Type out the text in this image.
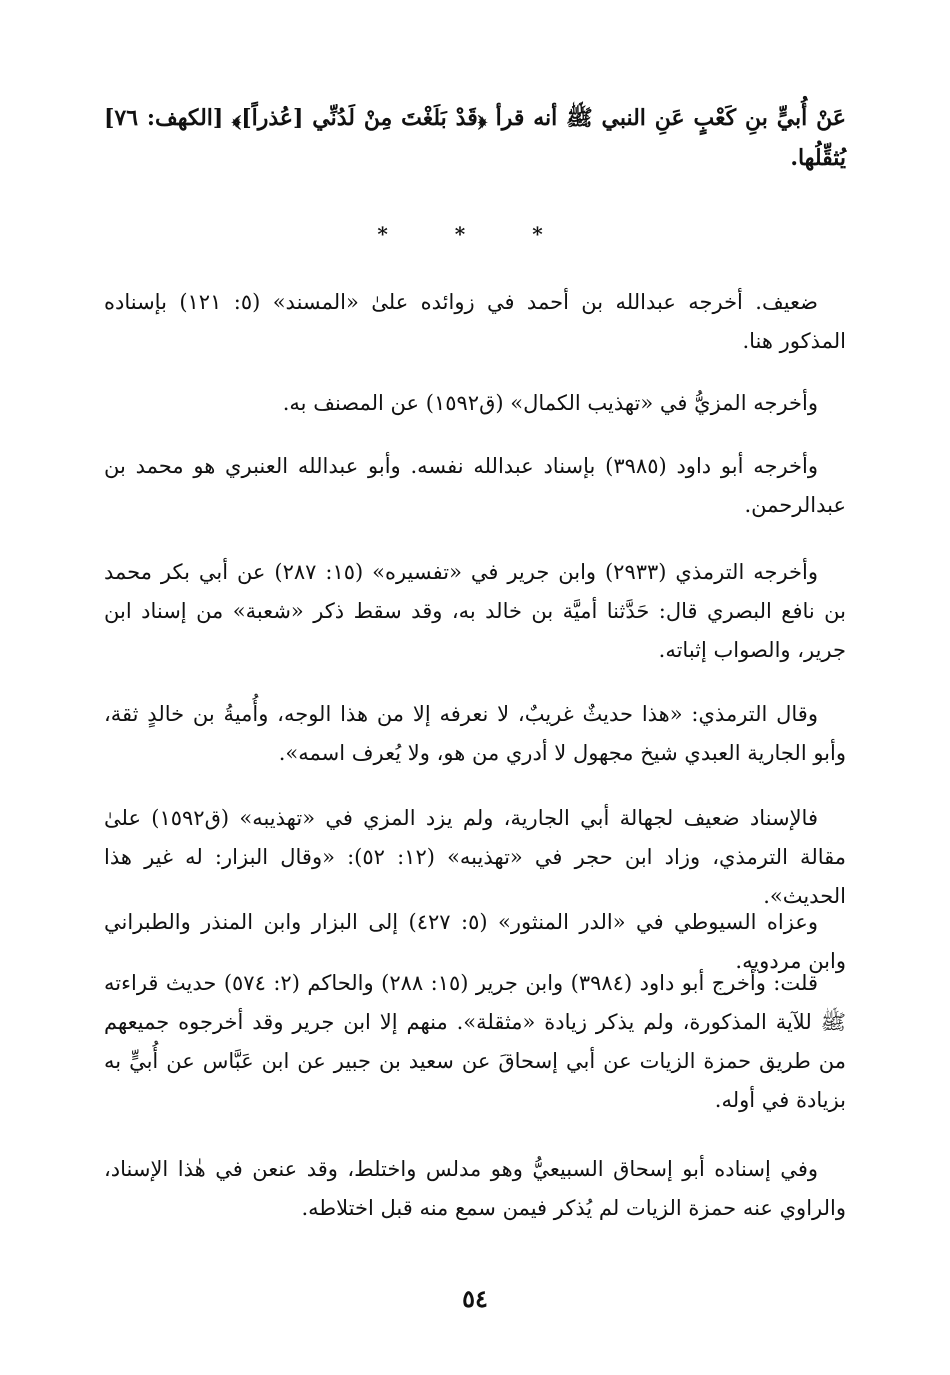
عَنْ أُبيٍّ بنِ كَعْبٍ عَنِ النبي ﷺ أنه قرأ ﴿قَدْ بَلَغْتَ مِنْ لَدُنِّي [عُذراً]﴾ [الكهف: ٧٦] يُثقِّلُها.

* * *

ضعيف. أخرجه عبدالله بن أحمد في زوائده علىٰ «المسند» (٥: ١٢١) بإسناده المذكور هنا.

وأخرجه المزيُّ في «تهذيب الكمال» (ق١٥٩٢) عن المصنف به.

وأخرجه أبو داود (٣٩٨٥) بإسناد عبدالله نفسه. وأبو عبدالله العنبري هو محمد بن عبدالرحمن.

وأخرجه الترمذي (٢٩٣٣) وابن جرير في «تفسيره» (١٥: ٢٨٧) عن أبي بكر محمد بن نافع البصري قال: حَدَّثنا أميَّة بن خالد به، وقد سقط ذكر «شعبة» من إسناد ابن جرير، والصواب إثباته.

وقال الترمذي: «هذا حديثٌ غريبٌ، لا نعرفه إلا من هذا الوجه، وأُميةُ بن خالدٍ ثقة، وأبو الجارية العبدي شيخ مجهول لا أدري من هو، ولا يُعرف اسمه».

فالإسناد ضعيف لجهالة أبي الجارية، ولم يزد المزي في «تهذيبه» (ق١٥٩٢) علىٰ مقالة الترمذي، وزاد ابن حجر في «تهذيبه» (١٢: ٥٢): «وقال البزار: له غير هذا الحديث».

وعزاه السيوطي في «الدر المنثور» (٥: ٤٢٧) إلى البزار وابن المنذر والطبراني وابن مردويه.

قلت: وأخرج أبو داود (٣٩٨٤) وابن جرير (١٥: ٢٨٨) والحاكم (٢: ٥٧٤) حديث قراءته ﷺ للآية المذكورة، ولم يذكر زيادة «مثقلة». منهم إلا ابن جرير وقد أخرجوه جميعهم من طريق حمزة الزيات عن أبي إسحاقَ عن سعيد بن جبير عن ابن عَبَّاس عن أُبيٍّ به بزيادة في أوله.

وفي إسناده أبو إسحاق السبيعيُّ وهو مدلس واختلط، وقد عنعن في هٰذا الإسناد، والراوي عنه حمزة الزيات لم يُذكر فيمن سمع منه قبل اختلاطه.

٥٤
